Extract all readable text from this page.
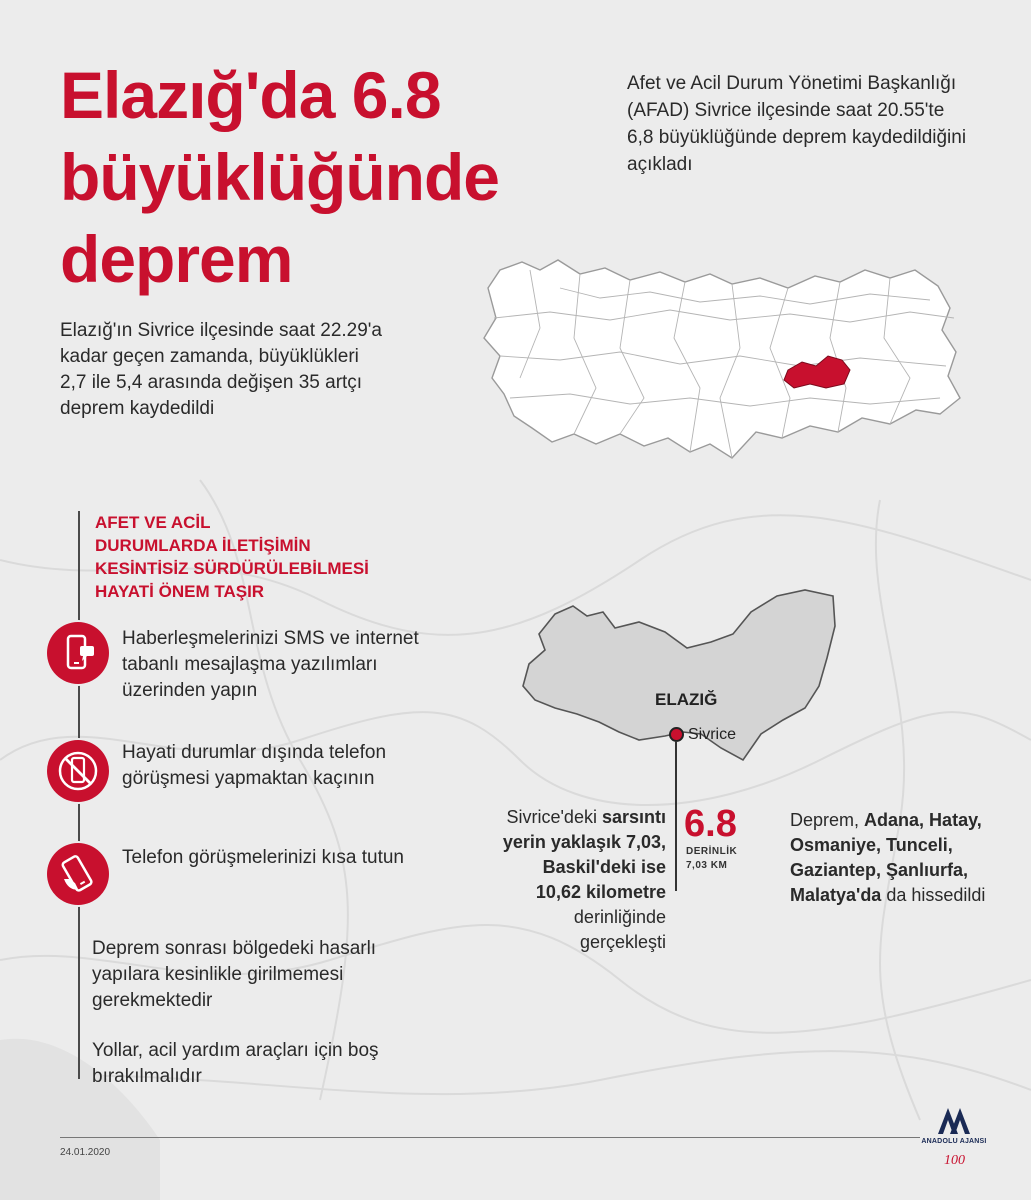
Elazığ'da 6.8
büyüklüğünde
deprem
Elazığ'ın Sivrice ilçesinde saat 22.29'a kadar geçen zamanda, büyüklükleri 2,7 ile 5,4 arasında değişen 35 artçı deprem kaydedildi
Afet ve Acil Durum Yönetimi Başkanlığı (AFAD) Sivrice ilçesinde saat 20.55'te 6,8 büyüklüğünde deprem kaydedildiğini açıkladı
AFET VE ACİL
DURUMLARDA İLETİŞİMİN
KESİNTİSİZ SÜRDÜRÜLEBİLMESİ
HAYATİ ÖNEM TAŞIR
Haberleşmelerinizi SMS ve internet tabanlı mesajlaşma yazılımları üzerinden yapın
Hayati durumlar dışında telefon görüşmesi yapmaktan kaçının
Telefon görüşmelerinizi kısa tutun
Deprem sonrası bölgedeki hasarlı yapılara kesinlikle girilmemesi gerekmektedir
Yollar, acil yardım araçları için boş bırakılmalıdır
ELAZIĞ
Sivrice
6.8
DERİNLİK
7,03 KM
Sivrice'deki sarsıntı yerin yaklaşık 7,03, Baskil'deki ise 10,62 kilometre derinliğinde gerçekleşti
Deprem, Adana, Hatay, Osmaniye, Tunceli, Gaziantep, Şanlıurfa, Malatya'da da hissedildi
24.01.2020
100
ANADOLU AJANSI
